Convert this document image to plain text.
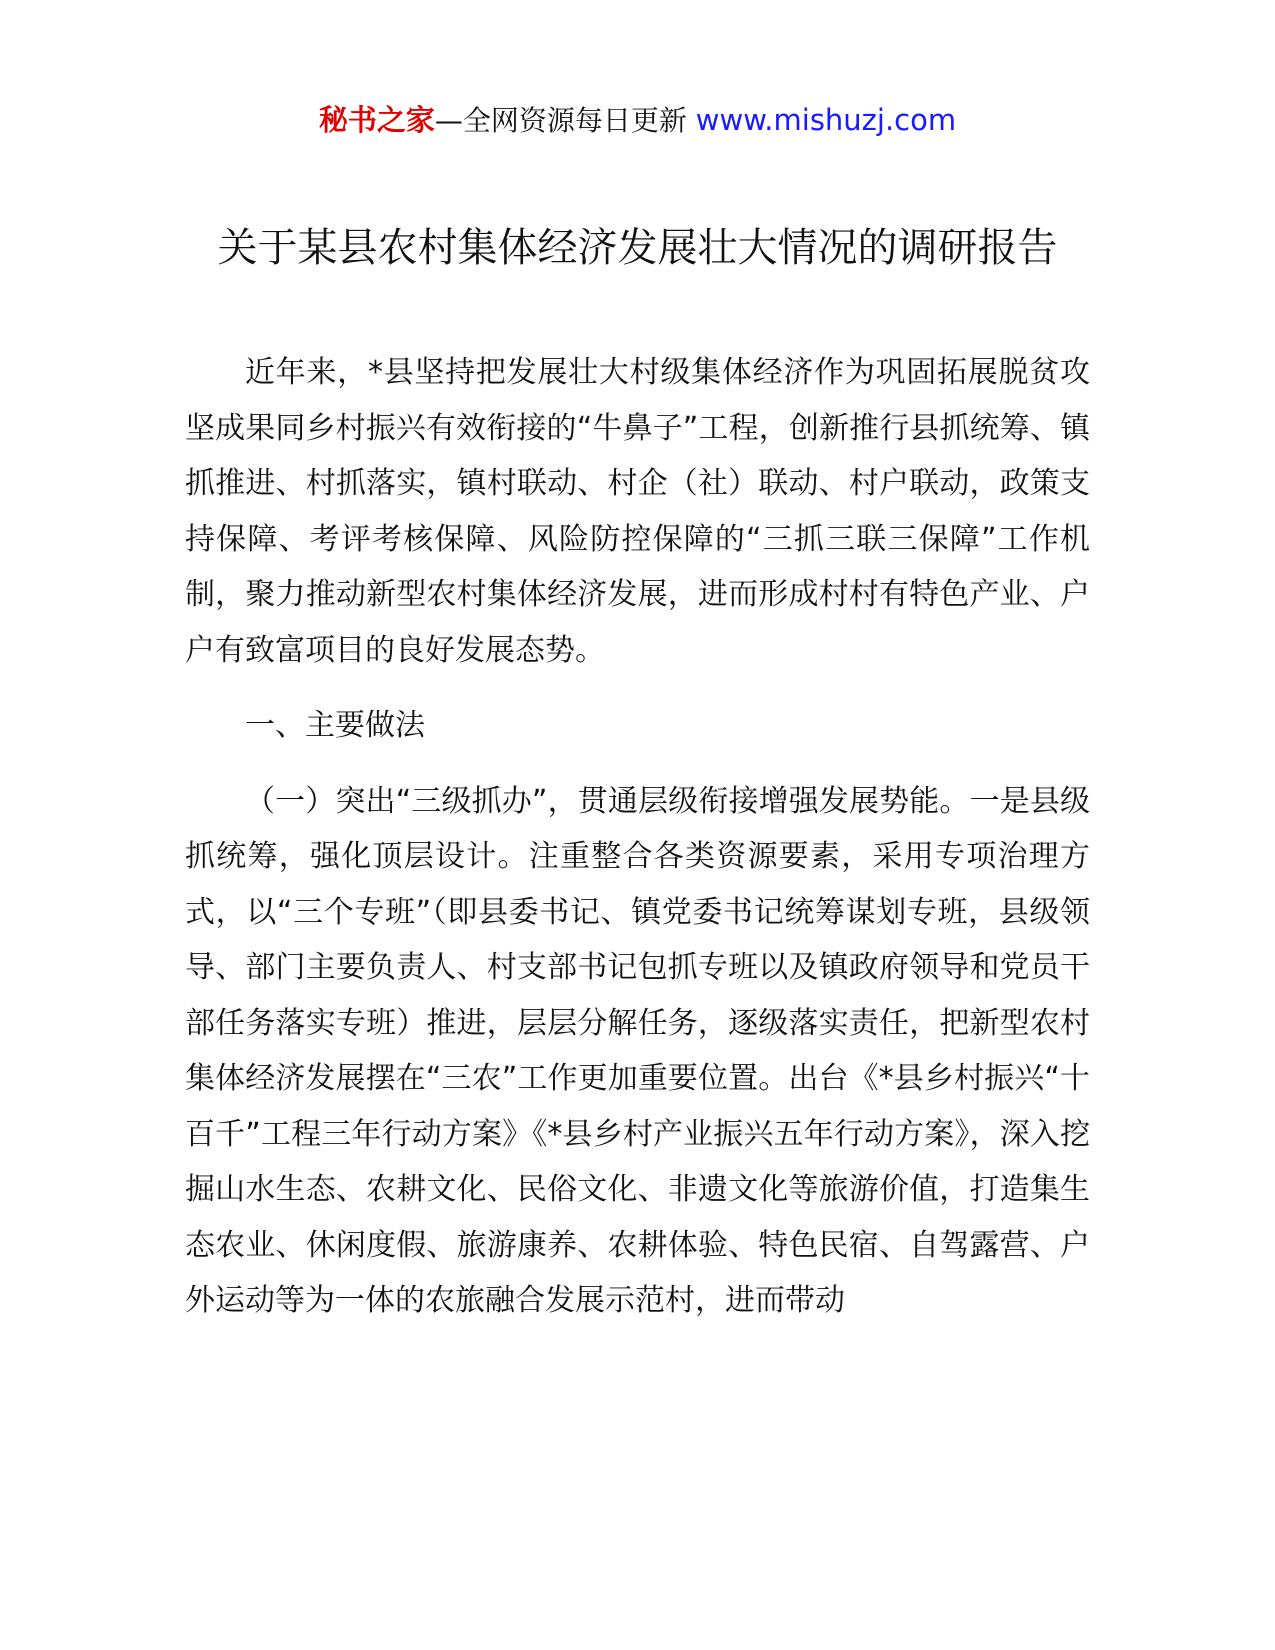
秘书之家—全网资源每日更新 www.mishuzj.com
关于某县农村集体经济发展壮大情况的调研报告

近年来，*县坚持把发展壮大村级集体经济作为巩固拓展脱贫攻坚成果同乡村振兴有效衔接的“牛鼻子”工程，创新推行县抓统筹、镇抓推进、村抓落实，镇村联动、村企（社）联动、村户联动，政策支持保障、考评考核保障、风险防控保障的“三抓三联三保障”工作机制，聚力推动新型农村集体经济发展，进而形成村村有特色产业、户户有致富项目的良好发展态势。

一、主要做法

（一）突出“三级抓办”，贯通层级衔接增强发展势能。一是县级抓统筹，强化顶层设计。注重整合各类资源要素，采用专项治理方式，以“三个专班”（即县委书记、镇党委书记统筹谋划专班，县级领导、部门主要负责人、村支部书记包抓专班以及镇政府领导和党员干部任务落实专班）推进，层层分解任务，逐级落实责任，把新型农村集体经济发展摆在“三农”工作更加重要位置。出台《*县乡村振兴“十百千”工程三年行动方案》《*县乡村产业振兴五年行动方案》，深入挖掘山水生态、农耕文化、民俗文化、非遗文化等旅游价值，打造集生态农业、休闲度假、旅游康养、农耕体验、特色民宿、自驾露营、户外运动等为一体的农旅融合发展示范村，进而带动
